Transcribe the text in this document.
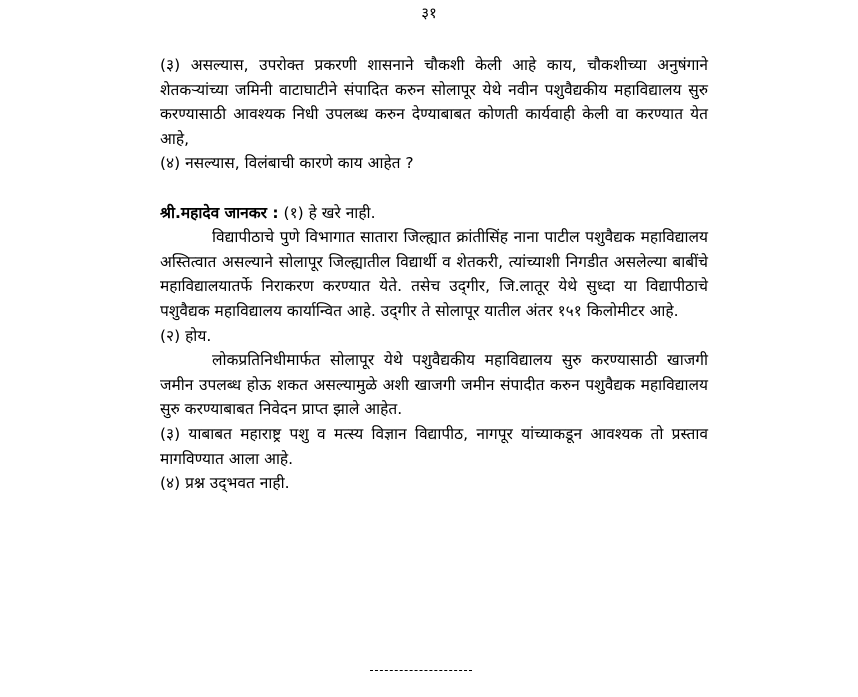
३१

(३) असल्यास, उपरोक्त प्रकरणी शासनाने चौकशी केली आहे काय, चौकशीच्या अनुषंगाने शेतकऱ्यांच्या जमिनी वाटाघाटीने संपादित करुन सोलापूर येथे नवीन पशुवैद्यकीय महाविद्यालय सुरु करण्यासाठी आवश्यक निधी उपलब्ध करुन देण्याबाबत कोणती कार्यवाही केली वा करण्यात येत आहे,

(४) नसल्यास, विलंबाची कारणे काय आहेत ?

श्री.महादेव जानकर : (१) हे खरे नाही.

विद्यापीठाचे पुणे विभागात सातारा जिल्ह्यात क्रांतीसिंह नाना पाटील पशुवैद्यक महाविद्यालय अस्तित्वात असल्याने सोलापूर जिल्ह्यातील विद्यार्थी व शेतकरी, त्यांच्याशी निगडीत असलेल्या बाबींचे महाविद्यालयातर्फे निराकरण करण्यात येते. तसेच उद्‌गीर, जि.लातूर येथे सुध्दा या विद्यापीठाचे पशुवैद्यक महाविद्यालय कार्यान्वित आहे. उद्‌गीर ते सोलापूर यातील अंतर १५१ किलोमीटर आहे.

(२) होय.

लोकप्रतिनिधीमार्फत सोलापूर येथे पशुवैद्यकीय महाविद्यालय सुरु करण्यासाठी खाजगी जमीन उपलब्ध होऊ शकत असल्यामुळे अशी खाजगी जमीन संपादीत करुन पशुवैद्यक महाविद्यालय सुरु करण्याबाबत निवेदन प्राप्त झाले आहेत.

(३) याबाबत महाराष्ट्र पशु व मत्स्य विज्ञान विद्यापीठ, नागपूर यांच्याकडून आवश्यक तो प्रस्ताव मागविण्यात आला आहे.

(४) प्रश्न उद्‌भवत नाही.
